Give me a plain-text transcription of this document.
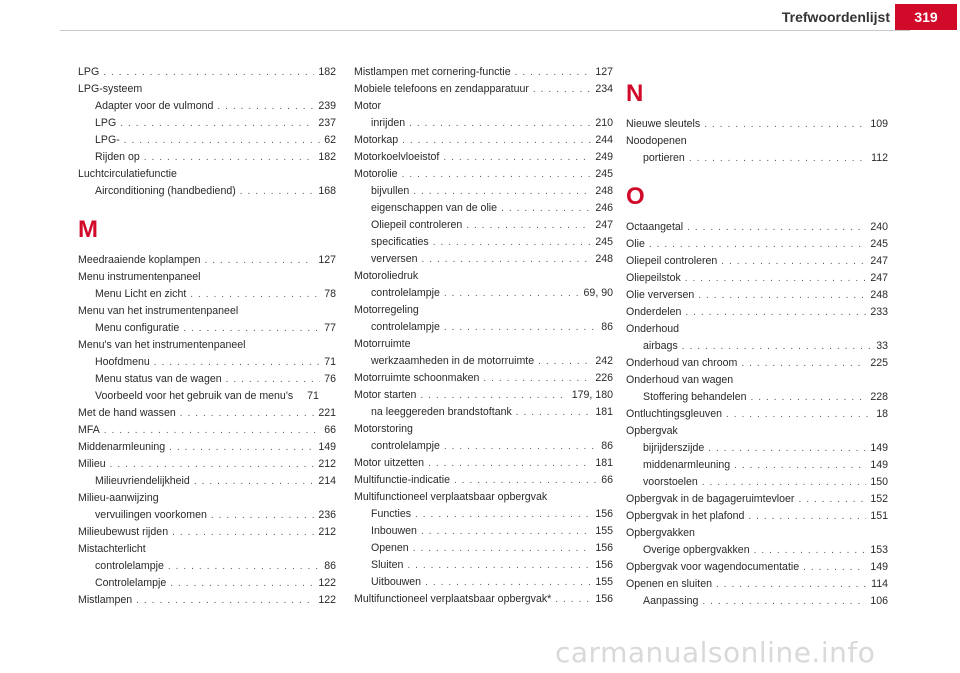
Trefwoordenlijst	319
LPG . . .	182
LPG-systeem
Adapter voor de vulmond . . .	239
LPG . . .	237
LPG- . . .	62
Rijden op . . .	182
Luchtcirculatiefunctie
Airconditioning (handbediend) . . .	168
M
Meedraaiende koplampen . . .	127
Menu instrumentenpaneel
Menu Licht en zicht . . .	78
Menu van het instrumentenpaneel
Menu configuratie . . .	77
Menu's van het instrumentenpaneel
Hoofdmenu . . .	71
Menu status van de wagen . . .	76
Voorbeeld voor het gebruik van de menu's 71
Met de hand wassen . . .	221
MFA . . .	66
Middenarmleuning . . .	149
Milieu . . .	212
Milieuvriendelijkheid . . .	214
Milieu-aanwijzing
vervuilingen voorkomen . . .	236
Milieubewust rijden . . .	212
Mistachterlicht
controlelampje . . .	86
Controlelampje . . .	122
Mistlampen . . .	122
Mistlampen met cornering-functie . . .	127
Mobiele telefoons en zendapparatuur . . .	234
Motor
inrijden . . .	210
Motorkap . . .	244
Motorkoelvloeistof . . .	249
Motorolie . . .	245
bijvullen . . .	248
eigenschappen van de olie . . .	246
Oliepeil controleren . . .	247
specificaties . . .	245
verversen . . .	248
Motoroliedruk
controlelampje . . .	69, 90
Motorregeling
controlelampje . . .	86
Motorruimte
werkzaamheden in de motorruimte . . .	242
Motorruimte schoonmaken . . .	226
Motor starten . . .	179, 180
na leeggereden brandstoftank . . .	181
Motorstoring
controlelampje . . .	86
Motor uitzetten . . .	181
Multifunctie-indicatie . . .	66
Multifunctioneel verplaatsbaar opbergvak
Functies . . .	156
Inbouwen . . .	155
Openen . . .	156
Sluiten . . .	156
Uitbouwen . . .	155
Multifunctioneel verplaatsbaar opbergvak* . . .	156
N
Nieuwe sleutels . . .	109
Noodopenen
portieren . . .	112
O
Octaangetal . . .	240
Olie . . .	245
Oliepeil controleren . . .	247
Oliepeilstok . . .	247
Olie verversen . . .	248
Onderdelen . . .	233
Onderhoud
airbags . . .	33
Onderhoud van chroom . . .	225
Onderhoud van wagen
Stoffering behandelen . . .	228
Ontluchtingsgleuven . . .	18
Opbergvak
bijrijderszijde . . .	149
middenarmleuning . . .	149
voorstoelen . . .	150
Opbergvak in de bagageruimtevloer . . .	152
Opbergvak in het plafond . . .	151
Opbergvakken
Overige opbergvakken . . .	153
Opbergvak voor wagendocumentatie . . .	149
Openen en sluiten . . .	114
Aanpassing . . .	106
carmanualsonline.info
